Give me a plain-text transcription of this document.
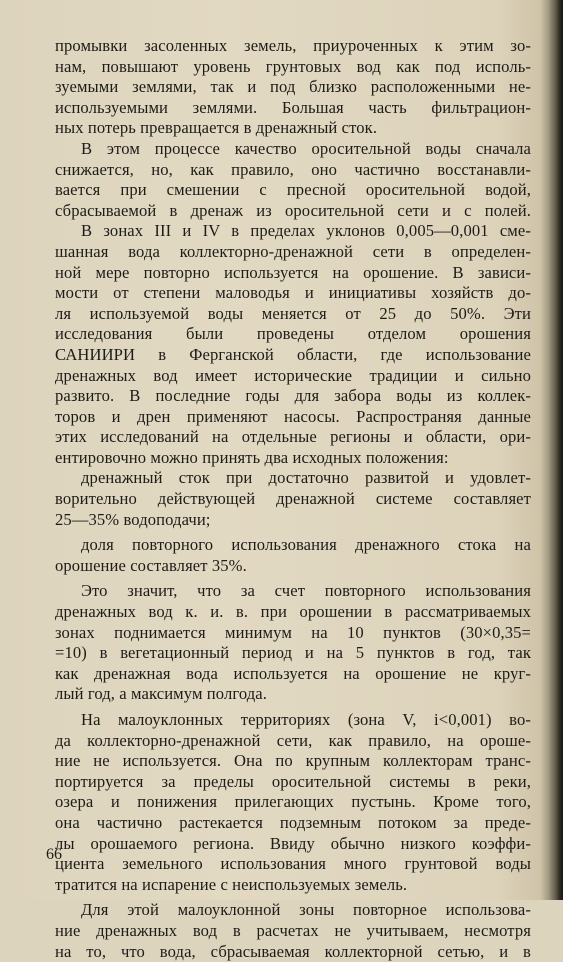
промывки засоленных земель, приуроченных к этим зо-
нам, повышают уровень грунтовых вод как под исполь-
зуемыми землями, так и под близко расположенными не-
используемыми землями. Большая часть фильтрацион-
ных потерь превращается в дренажный сток.
В этом процессе качество оросительной воды сначала
снижается, но, как правило, оно частично восстанавли-
вается при смешении с пресной оросительной водой,
сбрасываемой в дренаж из оросительной сети и с полей.
В зонах III и IV в пределах уклонов 0,005—0,001 сме-
шанная вода коллекторно-дренажной сети в определен-
ной мере повторно используется на орошение. В зависи-
мости от степени маловодья и инициативы хозяйств до-
ля используемой воды меняется от 25 до 50%. Эти
исследования были проведены отделом орошения
САНИИРИ в Ферганской области, где использование
дренажных вод имеет исторические традиции и сильно
развито. В последние годы для забора воды из коллек-
торов и дрен применяют насосы. Распространяя данные
этих исследований на отдельные регионы и области, ори-
ентировочно можно принять два исходных положения:
дренажный сток при достаточно развитой и удовлет-
ворительно действующей дренажной системе составляет
25—35% водоподачи;
доля повторного использования дренажного стока на
орошение составляет 35%.
Это значит, что за счет повторного использования
дренажных вод к. и. в. при орошении в рассматриваемых
зонах поднимается минимум на 10 пунктов (30×0,35=
=10) в вегетационный период и на 5 пунктов в год, так
как дренажная вода используется на орошение не круг-
лый год, а максимум полгода.
На малоуклонных территориях (зона V, i<0,001) во-
да коллекторно-дренажной сети, как правило, на ороше-
ние не используется. Она по крупным коллекторам транс-
портируется за пределы оросительной системы в реки,
озера и понижения прилегающих пустынь. Кроме того,
она частично растекается подземным потоком за преде-
лы орошаемого региона. Ввиду обычно низкого коэффи-
циента земельного использования много грунтовой воды
тратится на испарение с неиспользуемых земель.
Для этой малоуклонной зоны повторное использова-
ние дренажных вод в расчетах не учитываем, несмотря
на то, что вода, сбрасываемая коллекторной сетью, и в
66
